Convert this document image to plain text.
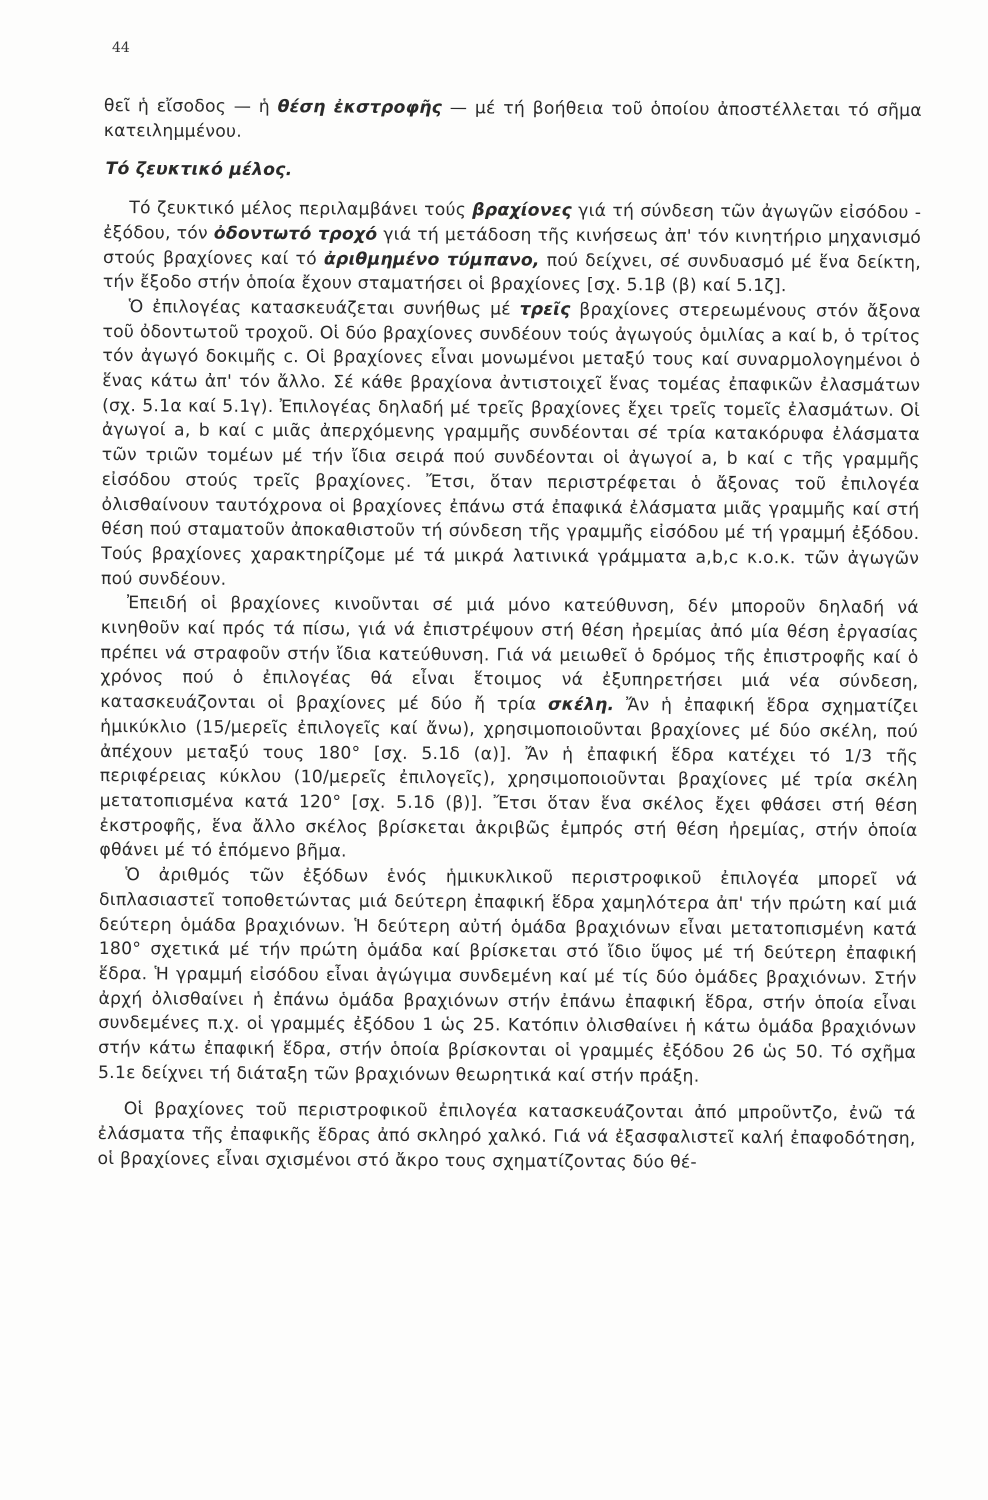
44

θεῖ ἡ εἴσοδος — ἡ θέση ἐκστροφῆς — μέ τή βοήθεια τοῦ ὁποίου ἀποστέλλεται τό σῆμα κατειλημμένου.

Τό ζευκτικό μέλος.

Τό ζευκτικό μέλος περιλαμβάνει τούς βραχίονες γιά τή σύνδεση τῶν ἀγωγῶν εἰσόδου - ἐξόδου, τόν ὀδοντωτό τροχό γιά τή μετάδοση τῆς κινήσεως ἀπ' τόν κινητήριο μηχανισμό στούς βραχίονες καί τό ἀριθμημένο τύμπανο, πού δείχνει, σέ συνδυασμό μέ ἕνα δείκτη, τήν ἔξοδο στήν ὁποία ἔχουν σταματήσει οἱ βραχίονες [σχ. 5.1β (β) καί 5.1ζ].

Ὁ ἐπιλογέας κατασκευάζεται συνήθως μέ τρεῖς βραχίονες στερεωμένους στόν ἄξονα τοῦ ὀδοντωτοῦ τροχοῦ. Οἱ δύο βραχίονες συνδέουν τούς ἀγωγούς ὁμιλίας a καί b, ὁ τρίτος τόν ἀγωγό δοκιμῆς c. Οἱ βραχίονες εἶναι μονωμένοι μεταξύ τους καί συναρμολογημένοι ὁ ἕνας κάτω ἀπ' τόν ἄλλο. Σέ κάθε βραχίονα ἀντιστοιχεῖ ἕνας τομέας ἐπαφικῶν ἐλασμάτων (σχ. 5.1α καί 5.1γ). Ἐπιλογέας δηλαδή μέ τρεῖς βραχίονες ἔχει τρεῖς τομεῖς ἐλασμάτων. Οἱ ἀγωγοί a, b καί c μιᾶς ἀπερχόμενης γραμμῆς συνδέονται σέ τρία κατακόρυφα ἐλάσματα τῶν τριῶν τομέων μέ τήν ἴδια σειρά πού συνδέονται οἱ ἀγωγοί a, b καί c τῆς γραμμῆς εἰσόδου στούς τρεῖς βραχίονες. Ἔτσι, ὅταν περιστρέφεται ὁ ἄξονας τοῦ ἐπιλογέα ὀλισθαίνουν ταυτόχρονα οἱ βραχίονες ἐπάνω στά ἐπαφικά ἐλάσματα μιᾶς γραμμῆς καί στή θέση πού σταματοῦν ἀποκαθιστοῦν τή σύνδεση τῆς γραμμῆς εἰσόδου μέ τή γραμμή ἐξόδου. Τούς βραχίονες χαρακτηρίζομε μέ τά μικρά λατινικά γράμματα a,b,c κ.ο.κ. τῶν ἀγωγῶν πού συνδέουν.

Ἐπειδή οἱ βραχίονες κινοῦνται σέ μιά μόνο κατεύθυνση, δέν μποροῦν δηλαδή νά κινηθοῦν καί πρός τά πίσω, γιά νά ἐπιστρέψουν στή θέση ἠρεμίας ἀπό μία θέση ἐργασίας πρέπει νά στραφοῦν στήν ἴδια κατεύθυνση. Γιά νά μειωθεῖ ὁ δρόμος τῆς ἐπιστροφῆς καί ὁ χρόνος πού ὁ ἐπιλογέας θά εἶναι ἕτοιμος νά ἐξυπηρετήσει μιά νέα σύνδεση, κατασκευάζονται οἱ βραχίονες μέ δύο ἤ τρία σκέλη. Ἄν ἡ ἐπαφική ἕδρα σχηματίζει ἡμικύκλιο (15/μερεῖς ἐπιλογεῖς καί ἄνω), χρησιμοποιοῦνται βραχίονες μέ δύο σκέλη, πού ἀπέχουν μεταξύ τους 180° [σχ. 5.1δ (α)]. Ἄν ἡ ἐπαφική ἕδρα κατέχει τό 1/3 τῆς περιφέρειας κύκλου (10/μερεῖς ἐπιλογεῖς), χρησιμοποιοῦνται βραχίονες μέ τρία σκέλη μετατοπισμένα κατά 120° [σχ. 5.1δ (β)]. Ἔτσι ὅταν ἕνα σκέλος ἔχει φθάσει στή θέση ἐκστροφῆς, ἕνα ἄλλο σκέλος βρίσκεται ἀκριβῶς ἐμπρός στή θέση ἠρεμίας, στήν ὁποία φθάνει μέ τό ἑπόμενο βῆμα.

Ὁ ἀριθμός τῶν ἐξόδων ἑνός ἡμικυκλικοῦ περιστροφικοῦ ἐπιλογέα μπορεῖ νά διπλασιαστεῖ τοποθετώντας μιά δεύτερη ἐπαφική ἕδρα χαμηλότερα ἀπ' τήν πρώτη καί μιά δεύτερη ὁμάδα βραχιόνων. Ἡ δεύτερη αὐτή ὁμάδα βραχιόνων εἶναι μετατοπισμένη κατά 180° σχετικά μέ τήν πρώτη ὁμάδα καί βρίσκεται στό ἴδιο ὕψος μέ τή δεύτερη ἐπαφική ἕδρα. Ἡ γραμμή εἰσόδου εἶναι ἀγώγιμα συνδεμένη καί μέ τίς δύο ὁμάδες βραχιόνων. Στήν ἀρχή ὀλισθαίνει ἡ ἐπάνω ὁμάδα βραχιόνων στήν ἐπάνω ἐπαφική ἕδρα, στήν ὁποία εἶναι συνδεμένες π.χ. οἱ γραμμές ἐξόδου 1 ὡς 25. Κατόπιν ὀλισθαίνει ἡ κάτω ὁμάδα βραχιόνων στήν κάτω ἐπαφική ἕδρα, στήν ὁποία βρίσκονται οἱ γραμμές ἐξόδου 26 ὡς 50. Τό σχῆμα 5.1ε δείχνει τή διάταξη τῶν βραχιόνων θεωρητικά καί στήν πράξη.

Οἱ βραχίονες τοῦ περιστροφικοῦ ἐπιλογέα κατασκευάζονται ἀπό μπροῦντζο, ἐνῶ τά ἐλάσματα τῆς ἐπαφικῆς ἕδρας ἀπό σκληρό χαλκό. Γιά νά ἐξασφαλιστεῖ καλή ἐπαφοδότηση, οἱ βραχίονες εἶναι σχισμένοι στό ἄκρο τους σχηματίζοντας δύο θέ-
